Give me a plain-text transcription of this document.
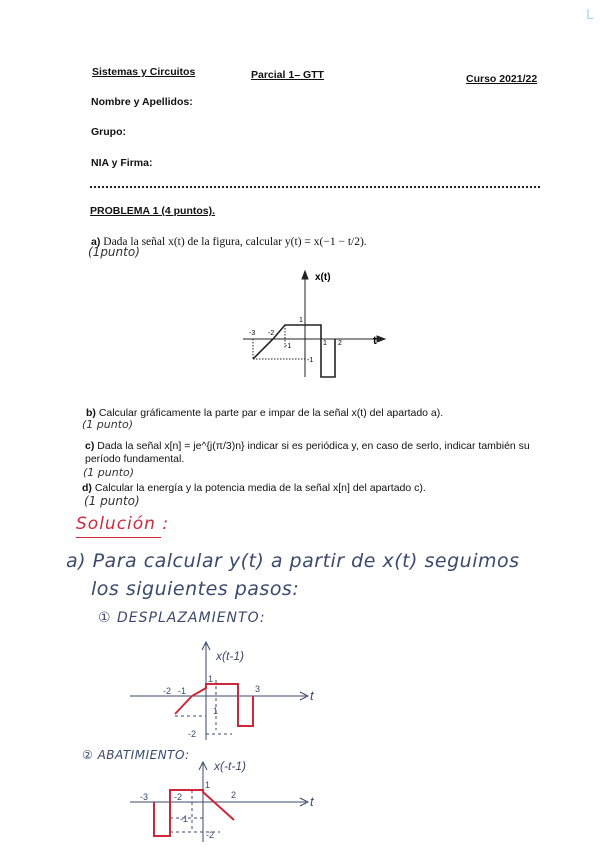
L
Sistemas y Circuitos	Parcial 1– GTT	Curso 2021/22
Nombre y Apellidos:
Grupo:
NIA y Firma:
PROBLEMA 1 (4 puntos).
a) Dada la señal x(t) de la figura, calcular y(t) = x(−1 − t/2).
(1punto)
x(t)
t
-3 -2
-1	1 2
1
-1
b) Calcular gráficamente la parte par e impar de la señal x(t) del apartado a).
(1 punto)
c) Dada la señal x[n] = je^{j(π/3)n} indicar si es periódica y, en caso de serlo, indicar también su período fundamental.
(1 punto)
d) Calcular la energía y la potencia media de la señal x[n] del apartado c).
(1 punto)
Solución :
a) Para calcular y(t) a partir de x(t) seguimos
los siguientes pasos:
① DESPLAZAMIENTO:
x(t-1)
t
-2 -1
1
1
3
-2
② ABATIMIENTO:
x(-t-1)
t
-3	-2
1
2
-1
-2
